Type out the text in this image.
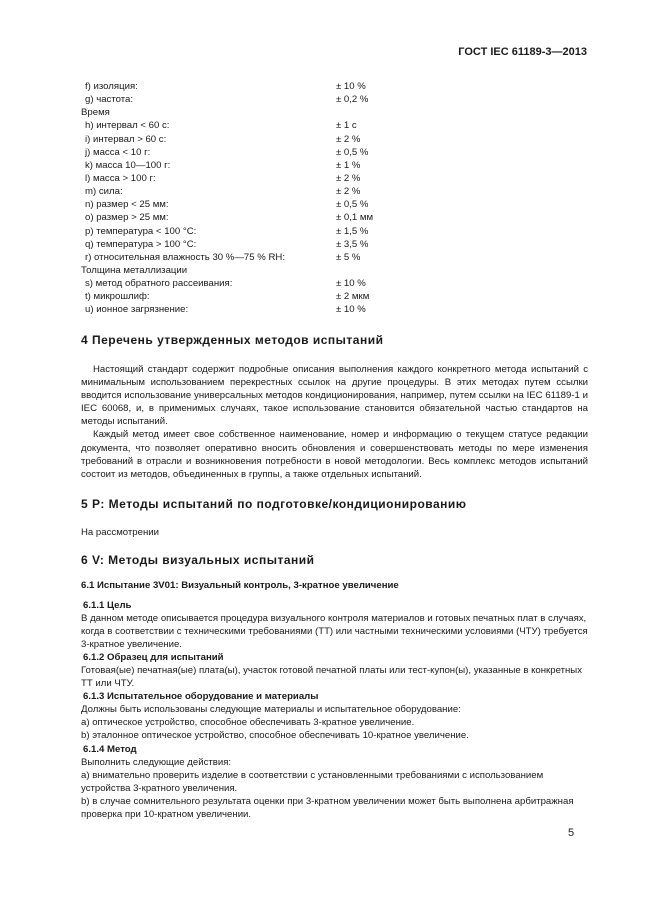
ГОСТ IEC 61189-3—2013
f) изоляция:	± 10 %
g) частота:	± 0,2 %
Время
h) интервал < 60 с:	± 1 с
i) интервал > 60 с:	± 2 %
j) масса < 10 г:	± 0,5 %
k) масса 10—100 г:	± 1 %
l) масса > 100 г:	± 2 %
m) сила:	± 2 %
n) размер < 25 мм:	± 0,5 %
o) размер > 25 мм:	± 0,1 мм
p) температура < 100 °С:	± 1,5 %
q) температура > 100 °С:	± 3,5 %
r) относительная влажность 30 %—75 % RH:	± 5 %
Толщина металлизации
s) метод обратного рассеивания:	± 10 %
t) микрошлиф:	± 2 мкм
u) ионное загрязнение:	± 10 %
4 Перечень утвержденных методов испытаний

Настоящий стандарт содержит подробные описания выполнения каждого конкретного метода испытаний с минимальным использованием перекрестных ссылок на другие процедуры. В этих методах путем ссылки вводится использование универсальных методов кондиционирования, например, путем ссылки на IEC 61189-1 и IEC 60068, и, в применимых случаях, такое использование становится обязательной частью стандартов на методы испытаний.

Каждый метод имеет свое собственное наименование, номер и информацию о текущем статусе редакции документа, что позволяет оперативно вносить обновления и совершенствовать методы по мере изменения требований в отрасли и возникновения потребности в новой методологии. Весь комплекс методов испытаний состоит из методов, объединенных в группы, а также отдельных испытаний.

5 Р: Методы испытаний по подготовке/кондиционированию
На рассмотрении
6 V: Методы визуальных испытаний
6.1 Испытание 3V01: Визуальный контроль, 3-кратное увеличение
6.1.1 Цель
В данном методе описывается процедура визуального контроля материалов и готовых печатных плат в случаях, когда в соответствии с техническими требованиями (ТТ) или частными техническими условиями (ЧТУ) требуется 3-кратное увеличение.
6.1.2 Образец для испытаний
Готовая(ые) печатная(ые) плата(ы), участок готовой печатной платы или тест-купон(ы), указанные в конкретных ТТ или ЧТУ.
6.1.3 Испытательное оборудование и материалы
Должны быть использованы следующие материалы и испытательное оборудование:
a) оптическое устройство, способное обеспечивать 3-кратное увеличение.
b) эталонное оптическое устройство, способное обеспечивать 10-кратное увеличение.
6.1.4 Метод
Выполнить следующие действия:
a) внимательно проверить изделие в соответствии с установленными требованиями с использованием устройства 3-кратного увеличения.
b) в случае сомнительного результата оценки при 3-кратном увеличении может быть выполнена арбитражная проверка при 10-кратном увеличении.
5
